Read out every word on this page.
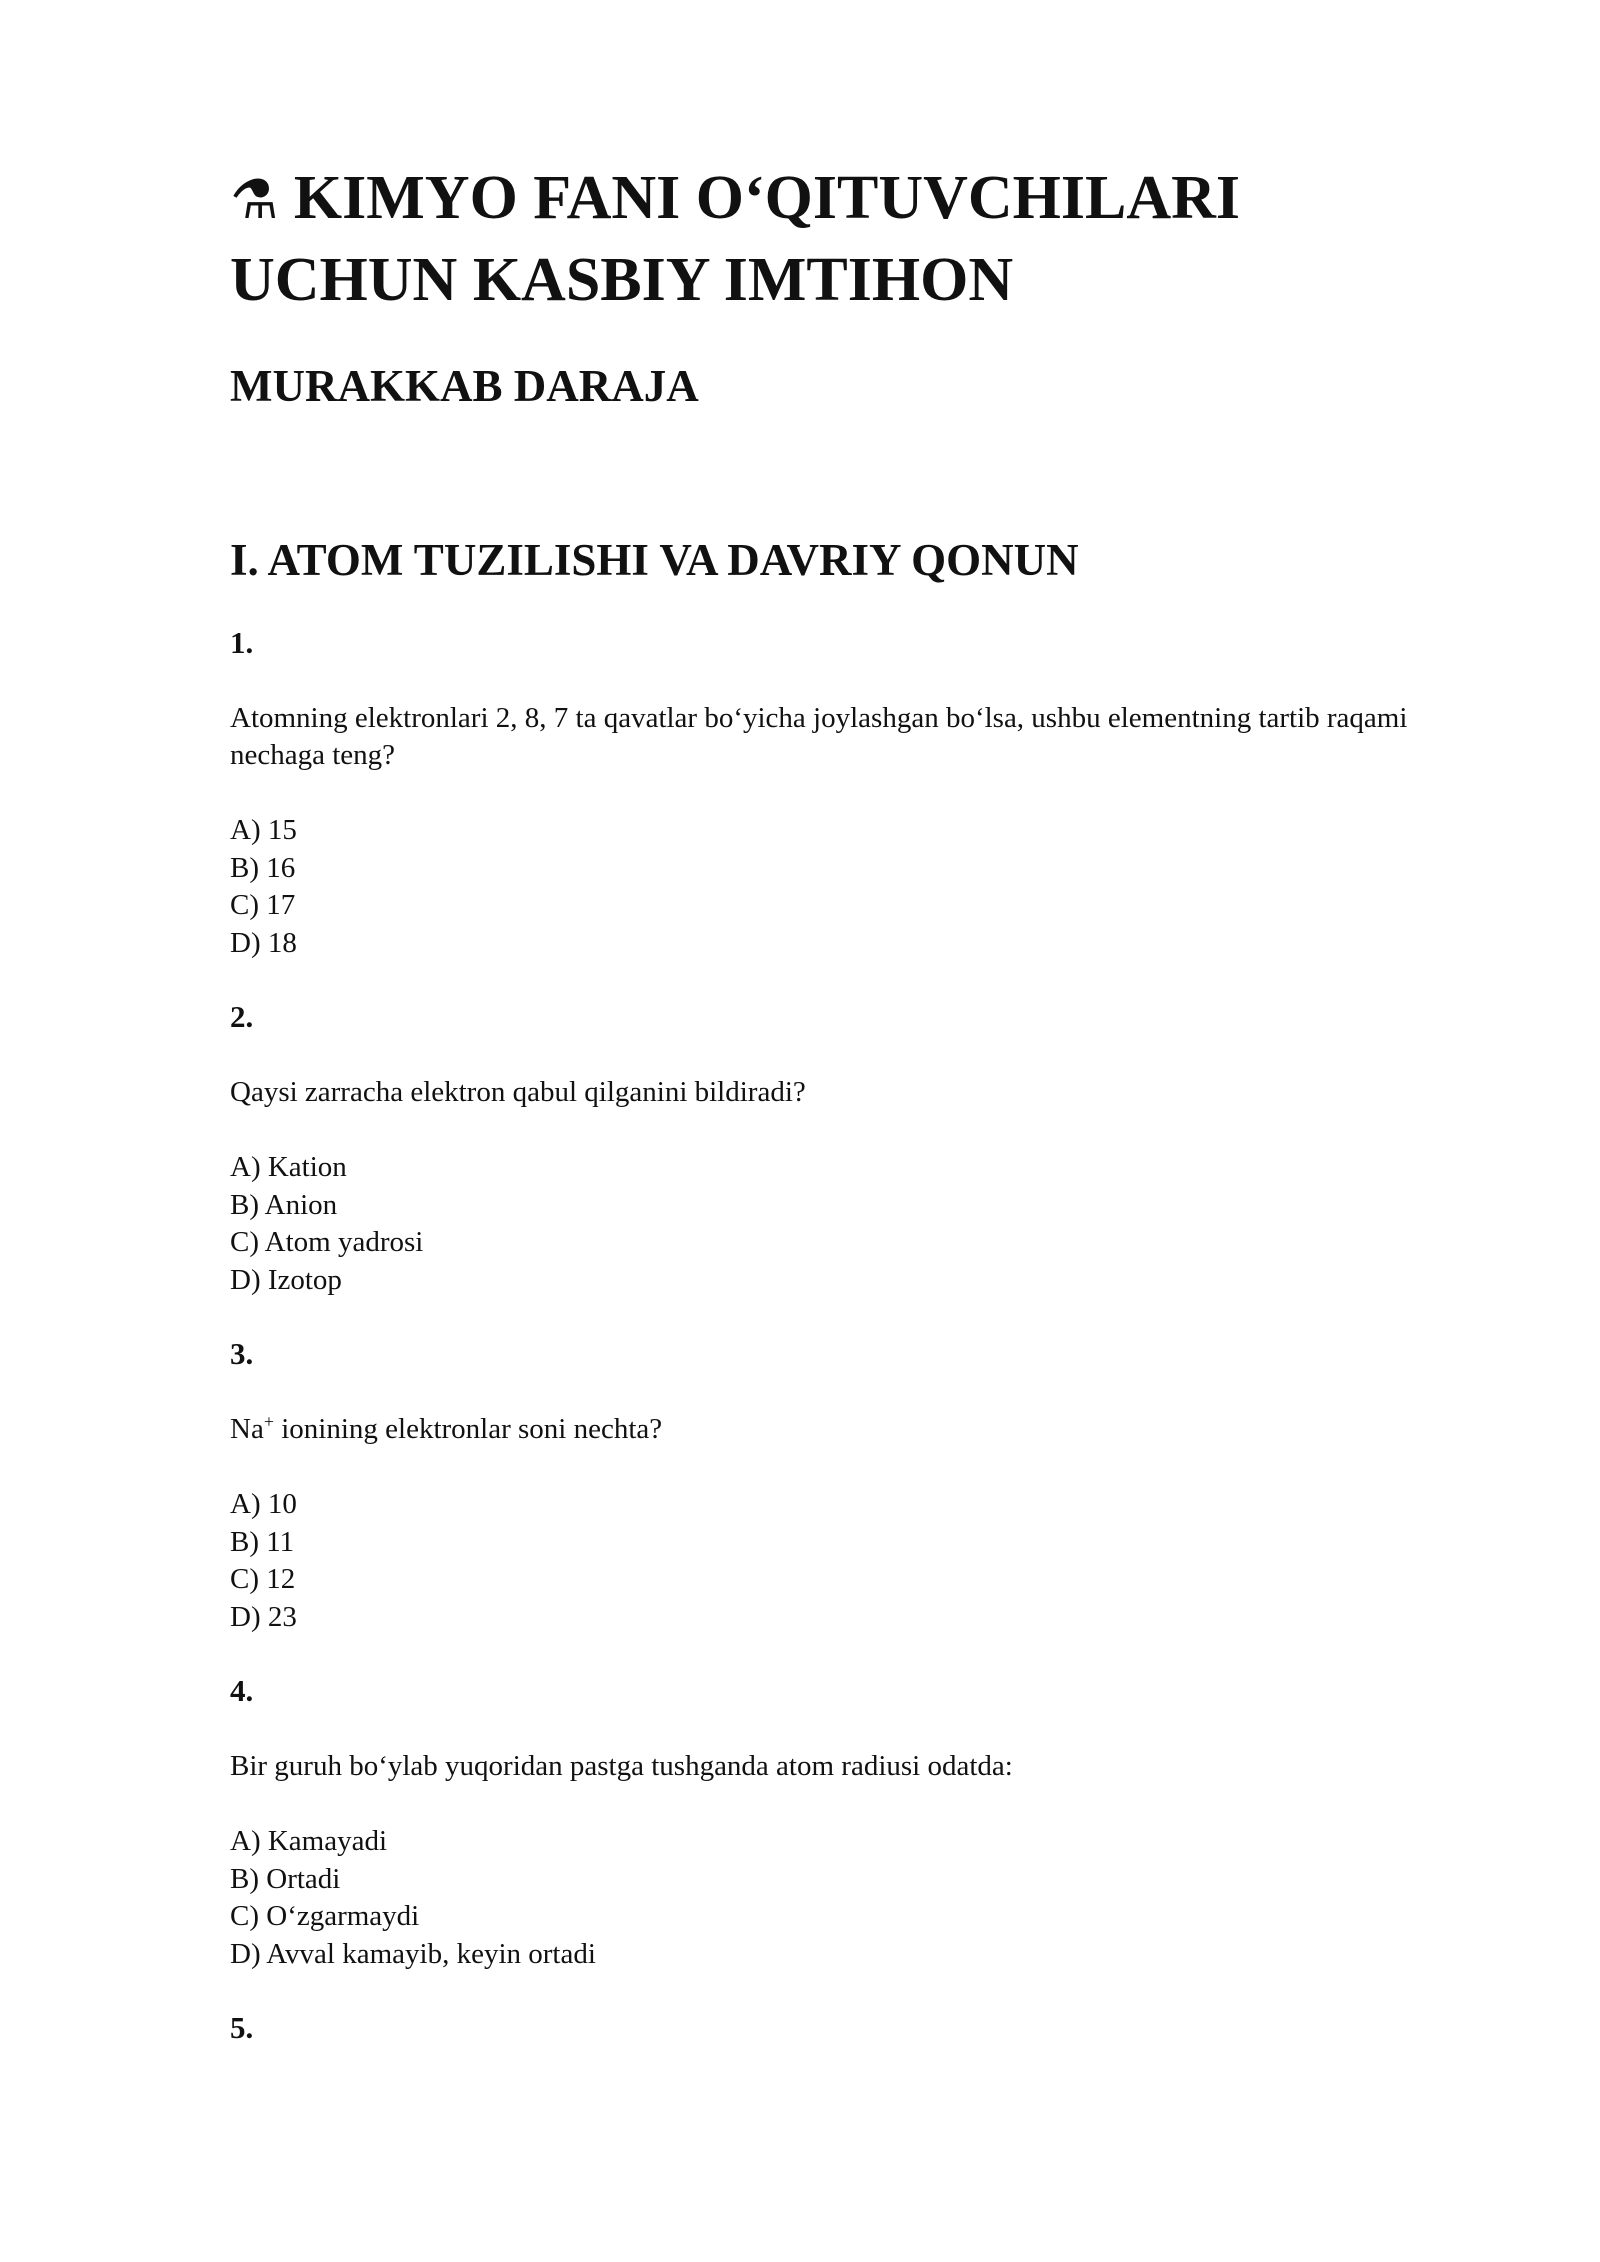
⚗ KIMYO FANI O‘QITUVCHILARI UCHUN KASBIY IMTIHON
MURAKKAB DARAJA
I. ATOM TUZILISHI VA DAVRIY QONUN
1.

Atomning elektronlari 2, 8, 7 ta qavatlar bo‘yicha joylashgan bo‘lsa, ushbu elementning tartib raqami nechaga teng?

A) 15
B) 16
C) 17
D) 18
2.

Qaysi zarracha elektron qabul qilganini bildiradi?

A) Kation
B) Anion
C) Atom yadrosi
D) Izotop
3.

Na+ ionining elektronlar soni nechta?

A) 10
B) 11
C) 12
D) 23
4.

Bir guruh bo‘ylab yuqoridan pastga tushganda atom radiusi odatda:

A) Kamayadi
B) Ortadi
C) O‘zgarmaydi
D) Avval kamayib, keyin ortadi
5.
